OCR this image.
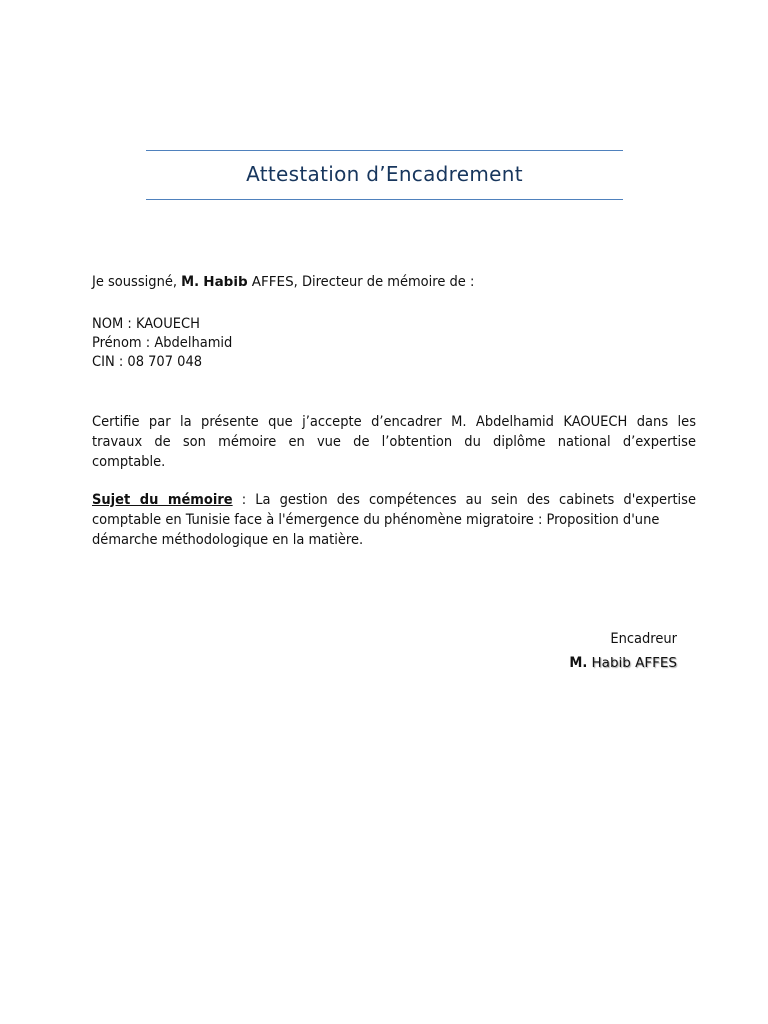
Attestation d’Encadrement
Je soussigné, M. Habib AFFES, Directeur de mémoire de :
NOM : KAOUECH
Prénom : Abdelhamid
CIN : 08 707 048
Certifie par la présente que j’accepte d’encadrer M. Abdelhamid KAOUECH dans les
travaux de son mémoire en vue de l’obtention du diplôme national d’expertise
comptable.
Sujet du mémoire : La gestion des compétences au sein des cabinets d'expertise
comptable en Tunisie face à l'émergence du phénomène migratoire : Proposition d'une
démarche méthodologique en la matière.
Encadreur
M. Habib AFFES
